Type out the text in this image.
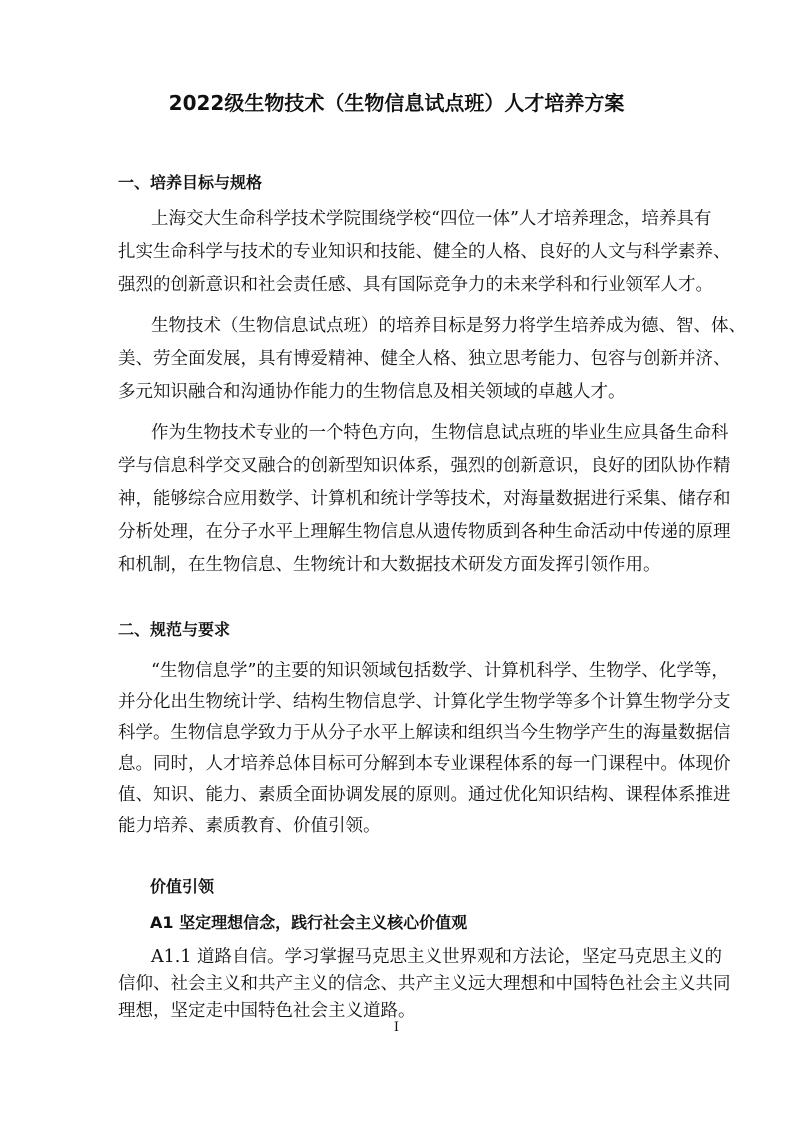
2022级生物技术（生物信息试点班）人才培养方案
一、培养目标与规格
上海交大生命科学技术学院围绕学校“四位一体”人才培养理念，培养具有
扎实生命科学与技术的专业知识和技能、健全的人格、良好的人文与科学素养、
强烈的创新意识和社会责任感、具有国际竞争力的未来学科和行业领军人才。
生物技术（生物信息试点班）的培养目标是努力将学生培养成为德、智、体、
美、劳全面发展，具有博爱精神、健全人格、独立思考能力、包容与创新并济、
多元知识融合和沟通协作能力的生物信息及相关领域的卓越人才。
作为生物技术专业的一个特色方向，生物信息试点班的毕业生应具备生命科
学与信息科学交叉融合的创新型知识体系，强烈的创新意识，良好的团队协作精
神，能够综合应用数学、计算机和统计学等技术，对海量数据进行采集、储存和
分析处理，在分子水平上理解生物信息从遗传物质到各种生命活动中传递的原理
和机制，在生物信息、生物统计和大数据技术研发方面发挥引领作用。
二、规范与要求
“生物信息学”的主要的知识领域包括数学、计算机科学、生物学、化学等，
并分化出生物统计学、结构生物信息学、计算化学生物学等多个计算生物学分支
科学。生物信息学致力于从分子水平上解读和组织当今生物学产生的海量数据信
息。同时，人才培养总体目标可分解到本专业课程体系的每一门课程中。体现价
值、知识、能力、素质全面协调发展的原则。通过优化知识结构、课程体系推进
能力培养、素质教育、价值引领。
价值引领
A1 坚定理想信念，践行社会主义核心价值观
A1.1 道路自信。学习掌握马克思主义世界观和方法论，坚定马克思主义的
信仰、社会主义和共产主义的信念、共产主义远大理想和中国特色社会主义共同
理想，坚定走中国特色社会主义道路。
I
